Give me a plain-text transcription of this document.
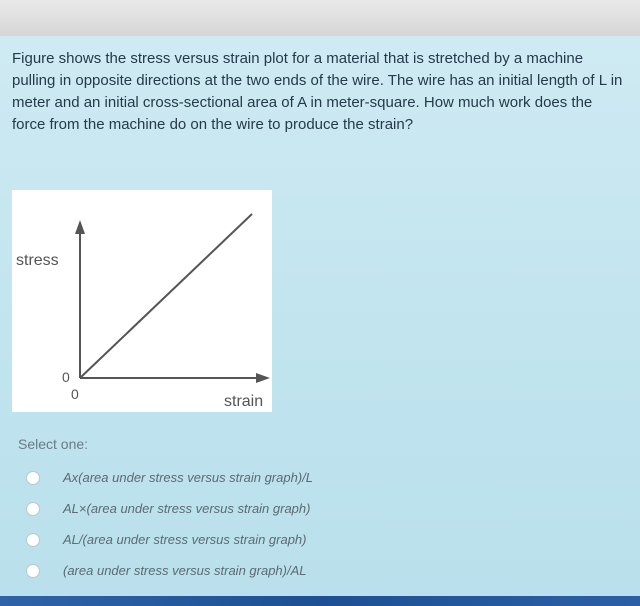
Figure shows the stress versus strain plot for a material that is stretched by a machine pulling in opposite directions at the two ends of the wire. The wire has an initial length of L in meter and an initial cross-sectional area of A in meter-square. How much work does the force from the machine do on the wire to produce the strain?

stress
strain
0
0
Select one:
Ax(area under stress versus strain graph)/L
AL×(area under stress versus strain graph)
AL/(area under stress versus strain graph)
(area under stress versus strain graph)/AL
